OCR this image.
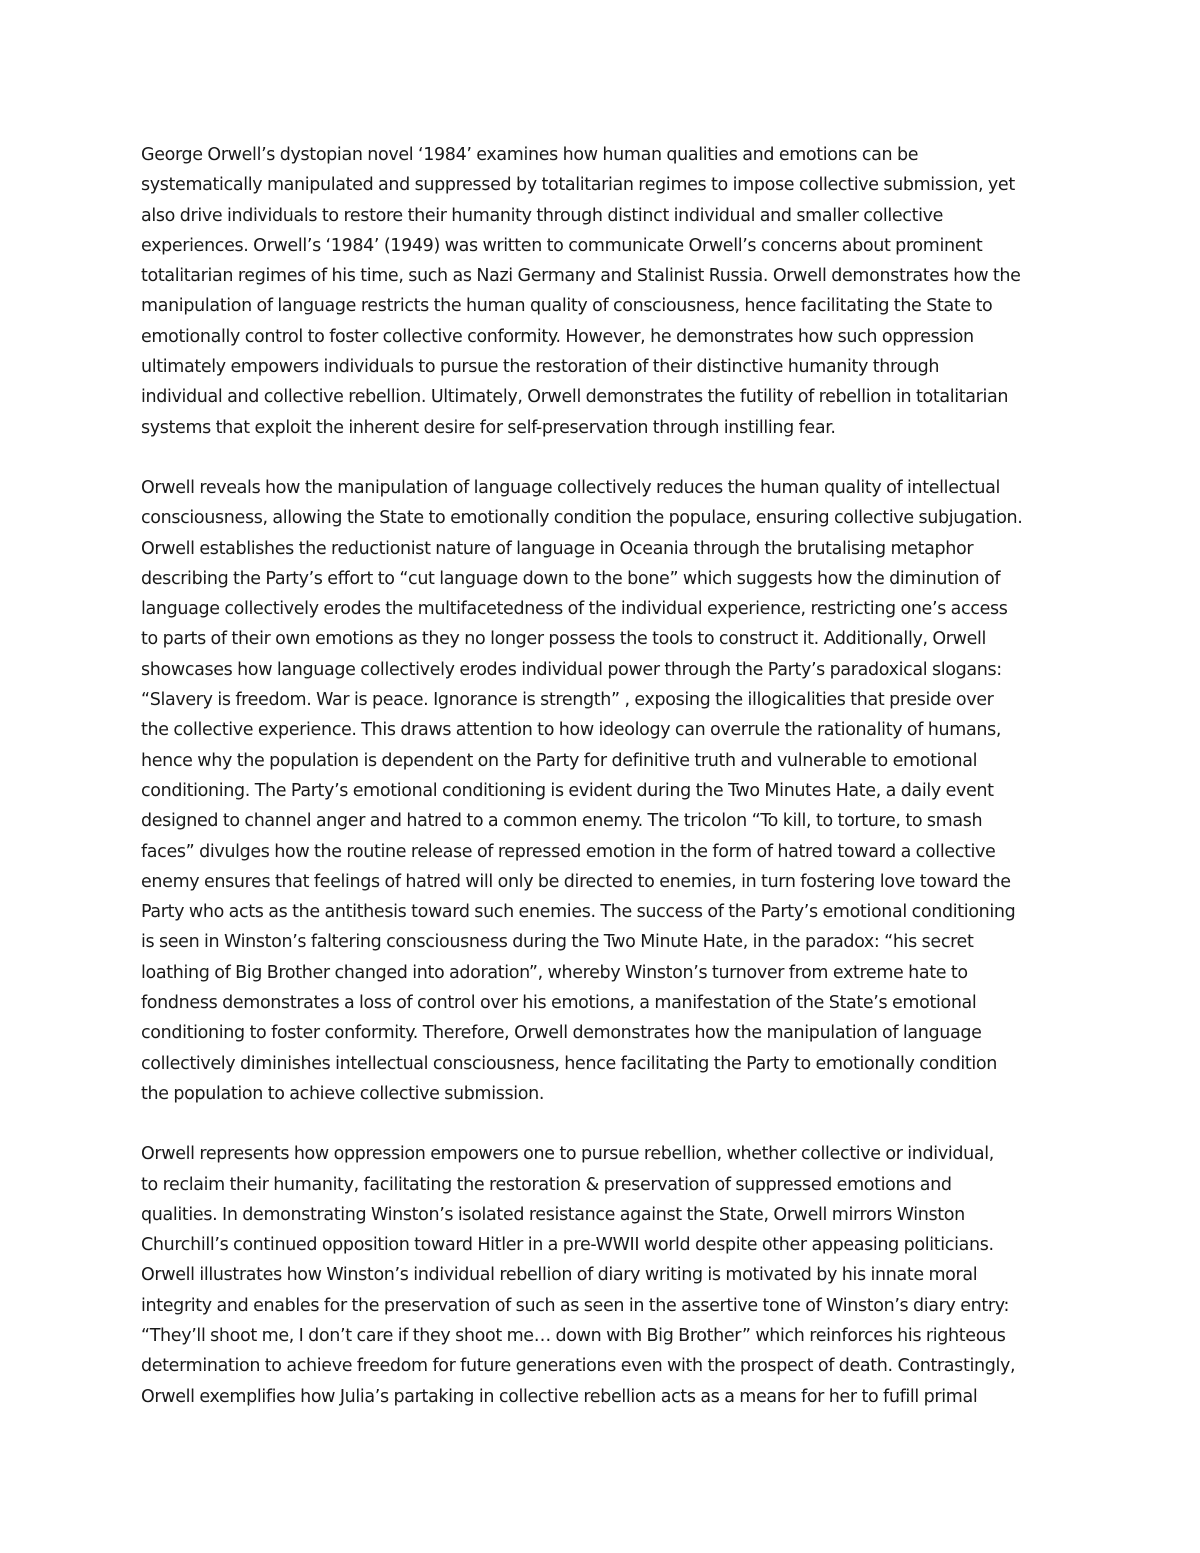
George Orwell’s dystopian novel ‘1984’ examines how human qualities and emotions can be
systematically manipulated and suppressed by totalitarian regimes to impose collective submission, yet
also drive individuals to restore their humanity through distinct individual and smaller collective
experiences. Orwell’s ‘1984’ (1949) was written to communicate Orwell’s concerns about prominent
totalitarian regimes of his time, such as Nazi Germany and Stalinist Russia. Orwell demonstrates how the
manipulation of language restricts the human quality of consciousness, hence facilitating the State to
emotionally control to foster collective conformity. However, he demonstrates how such oppression
ultimately empowers individuals to pursue the restoration of their distinctive humanity through
individual and collective rebellion. Ultimately, Orwell demonstrates the futility of rebellion in totalitarian
systems that exploit the inherent desire for self-preservation through instilling fear.
Orwell reveals how the manipulation of language collectively reduces the human quality of intellectual
consciousness, allowing the State to emotionally condition the populace, ensuring collective subjugation.
Orwell establishes the reductionist nature of language in Oceania through the brutalising metaphor
describing the Party’s effort to “cut language down to the bone” which suggests how the diminution of
language collectively erodes the multifacetedness of the individual experience, restricting one’s access
to parts of their own emotions as they no longer possess the tools to construct it. Additionally, Orwell
showcases how language collectively erodes individual power through the Party’s paradoxical slogans:
“Slavery is freedom. War is peace. Ignorance is strength” , exposing the illogicalities that preside over
the collective experience. This draws attention to how ideology can overrule the rationality of humans,
hence why the population is dependent on the Party for definitive truth and vulnerable to emotional
conditioning. The Party’s emotional conditioning is evident during the Two Minutes Hate, a daily event
designed to channel anger and hatred to a common enemy. The tricolon “To kill, to torture, to smash
faces” divulges how the routine release of repressed emotion in the form of hatred toward a collective
enemy ensures that feelings of hatred will only be directed to enemies, in turn fostering love toward the
Party who acts as the antithesis toward such enemies. The success of the Party’s emotional conditioning
is seen in Winston’s faltering consciousness during the Two Minute Hate, in the paradox: “his secret
loathing of Big Brother changed into adoration”, whereby Winston’s turnover from extreme hate to
fondness demonstrates a loss of control over his emotions, a manifestation of the State’s emotional
conditioning to foster conformity. Therefore, Orwell demonstrates how the manipulation of language
collectively diminishes intellectual consciousness, hence facilitating the Party to emotionally condition
the population to achieve collective submission.
Orwell represents how oppression empowers one to pursue rebellion, whether collective or individual,
to reclaim their humanity, facilitating the restoration & preservation of suppressed emotions and
qualities. In demonstrating Winston’s isolated resistance against the State, Orwell mirrors Winston
Churchill’s continued opposition toward Hitler in a pre-WWII world despite other appeasing politicians.
Orwell illustrates how Winston’s individual rebellion of diary writing is motivated by his innate moral
integrity and enables for the preservation of such as seen in the assertive tone of Winston’s diary entry:
“They’ll shoot me, I don’t care if they shoot me… down with Big Brother” which reinforces his righteous
determination to achieve freedom for future generations even with the prospect of death. Contrastingly,
Orwell exemplifies how Julia’s partaking in collective rebellion acts as a means for her to fufill primal
